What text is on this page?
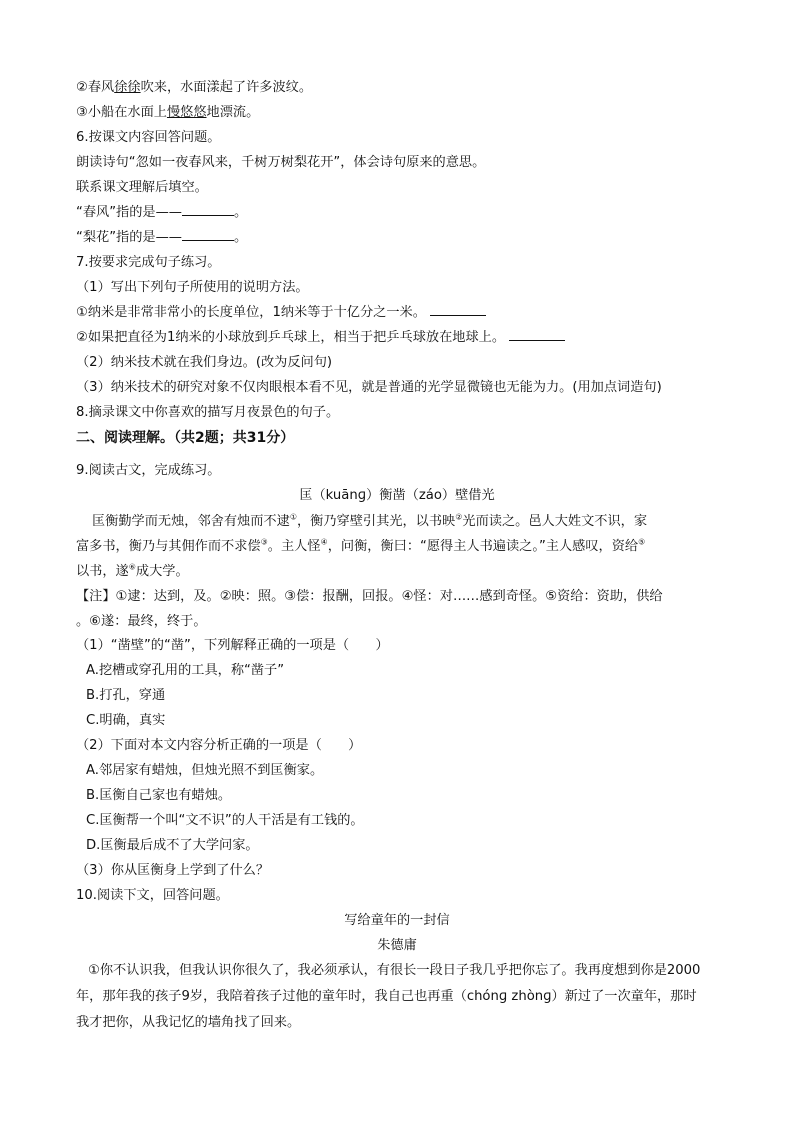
②春风徐徐吹来，水面漾起了许多波纹。
③小船在水面上慢悠悠地漂流。
6.按课文内容回答问题。
朗读诗句“忽如一夜春风来，千树万树梨花开”，体会诗句原来的意思。
联系课文理解后填空。
“春风”指的是——	。
“梨花”指的是——	。
7.按要求完成句子练习。
（1）写出下列句子所使用的说明方法。
①纳米是非常非常小的长度单位，1纳米等于十亿分之一米。
②如果把直径为1纳米的小球放到乒乓球上，相当于把乒乓球放在地球上。
（2）纳米技术就在我们身边。(改为反问句)
（3）纳米技术的研究对象不仅肉眼根本看不见，就是普通的光学显微镜也无能为力。(用加点词造句)
8.摘录课文中你喜欢的描写月夜景色的句子。
二、阅读理解。（共2题；共31分）
9.阅读古文，完成练习。
匡（kuānɡ）衡凿（záo）壁借光
匡衡勤学而无烛，邻舍有烛而不逮①，衡乃穿壁引其光，以书映②光而读之。邑人大姓文不识，家
富多书，衡乃与其佣作而不求偿③。主人怪④，问衡，衡曰：“愿得主人书遍读之。”主人感叹，资给⑤
以书，遂⑥成大学。
【注】①逮：达到，及。②映：照。③偿：报酬，回报。④怪：对……感到奇怪。⑤资给：资助，供给
。⑥遂：最终，终于。
（1）“凿壁”的“凿”，下列解释正确的一项是（　　）
A.挖槽或穿孔用的工具，称“凿子”
B.打孔，穿通
C.明确，真实
（2）下面对本文内容分析正确的一项是（　　）
A.邻居家有蜡烛，但烛光照不到匡衡家。
B.匡衡自己家也有蜡烛。
C.匡衡帮一个叫“文不识”的人干活是有工钱的。
D.匡衡最后成不了大学问家。
（3）你从匡衡身上学到了什么？
10.阅读下文，回答问题。
写给童年的一封信
朱德庸
①你不认识我，但我认识你很久了，我必须承认，有很长一段日子我几乎把你忘了。我再度想到你是2000
年，那年我的孩子9岁，我陪着孩子过他的童年时，我自己也再重（chónɡ zhònɡ）新过了一次童年，那时
我才把你，从我记忆的墙角找了回来。
